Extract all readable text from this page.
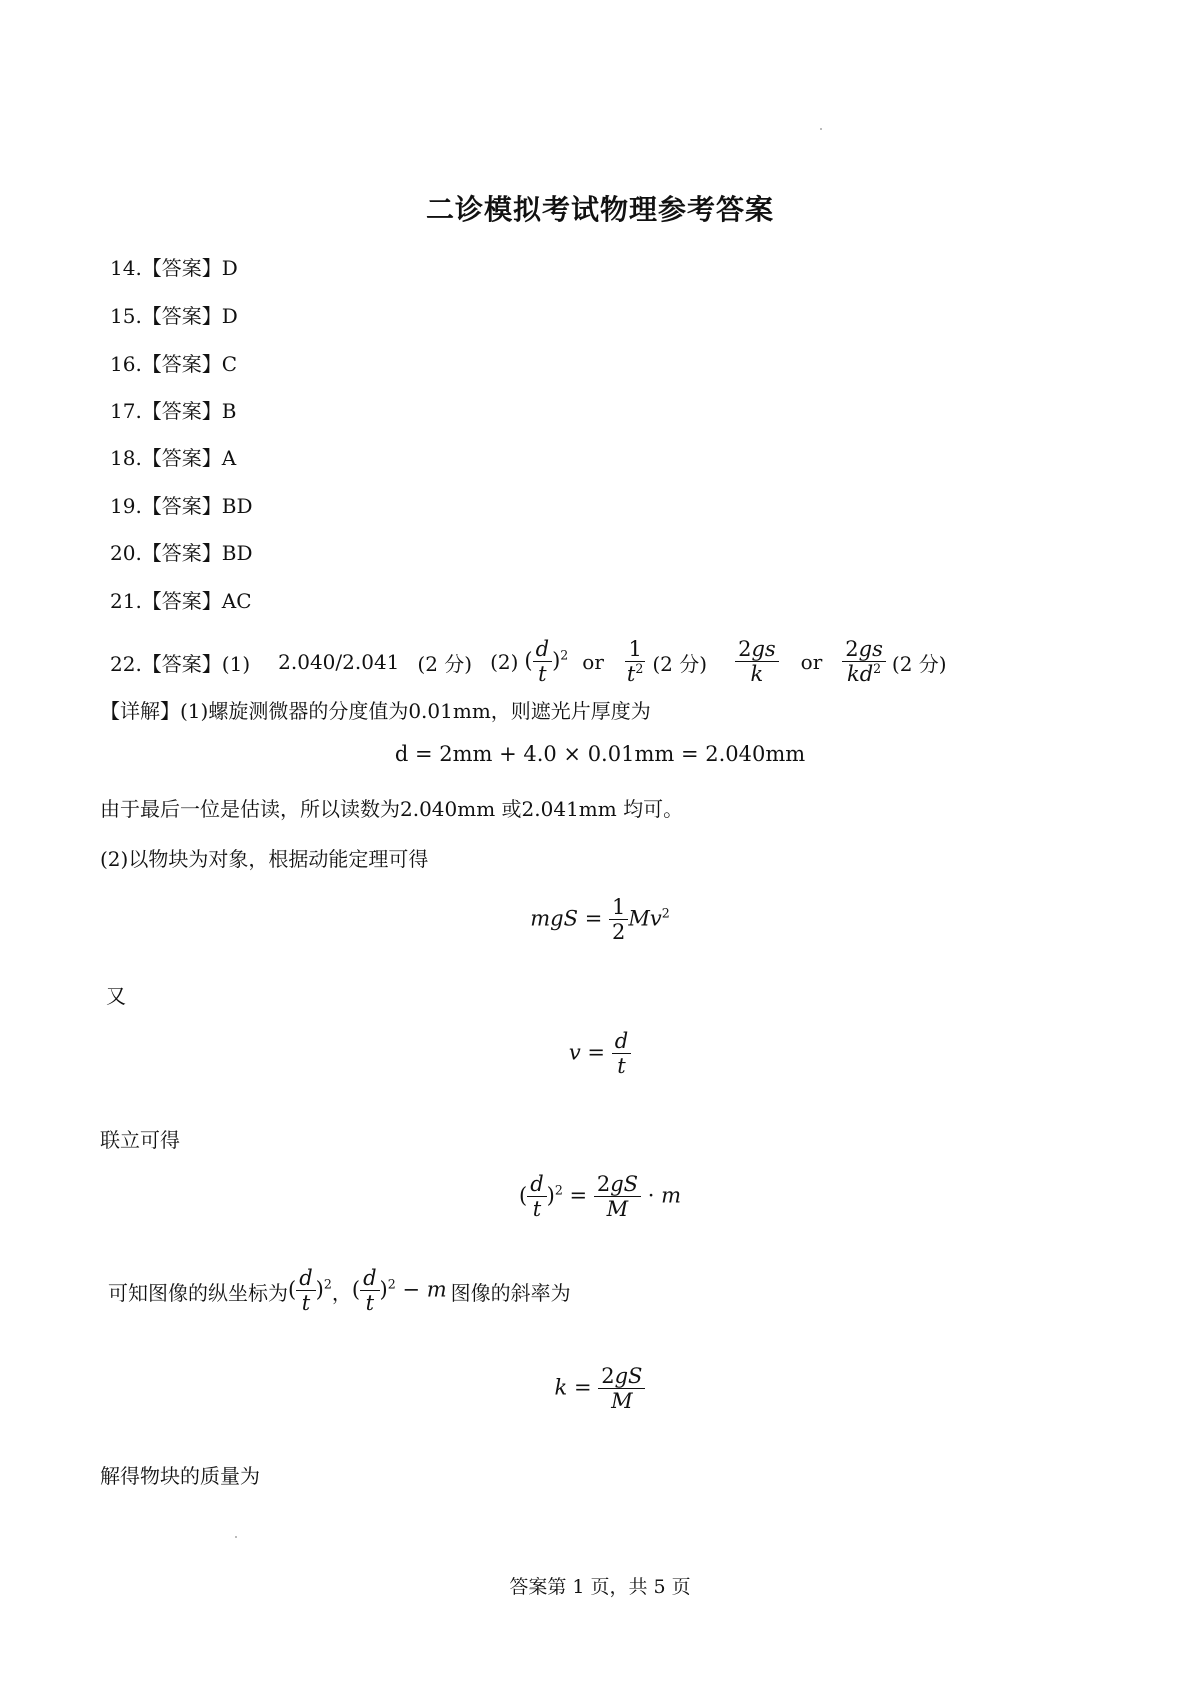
二诊模拟考试物理参考答案
14.【答案】D
15.【答案】D
16.【答案】C
17.【答案】B
18.【答案】A
19.【答案】BD
20.【答案】BD
21.【答案】AC
22.【答案】(1) 2.040/2.041 (2 分) (2) ( $\frac{d}{t} )^2$ or $\frac{1}{t^2} (2$ 分) $\frac{2gs}{k}$ or $\frac{2gs}{kd^2} (2$ 分)
【详解】(1)螺旋测微器的分度值为0.01mm，则遮光片厚度为
d = 2mm + 4.0 × 0.01mm = 2.040mm
由于最后一位是估读，所以读数为2.040mm 或2.041mm 均可。
(2)以物块为对象，根据动能定理可得
mgS = $\frac{1}{2} Mv^2$
又
$v = \frac{d}{t}$
联立可得
( $\frac{d}{t} )^2 = \frac{2gS}{M} \cdot m$
可知图像的纵坐标为 ( $\frac{d}{t} )^2$ ， ( $\frac{d}{t} )^2 - m$ 图像的斜率为
$k = \frac{2gS}{M}$
解得物块的质量为
答案第 1 页，共 5 页
